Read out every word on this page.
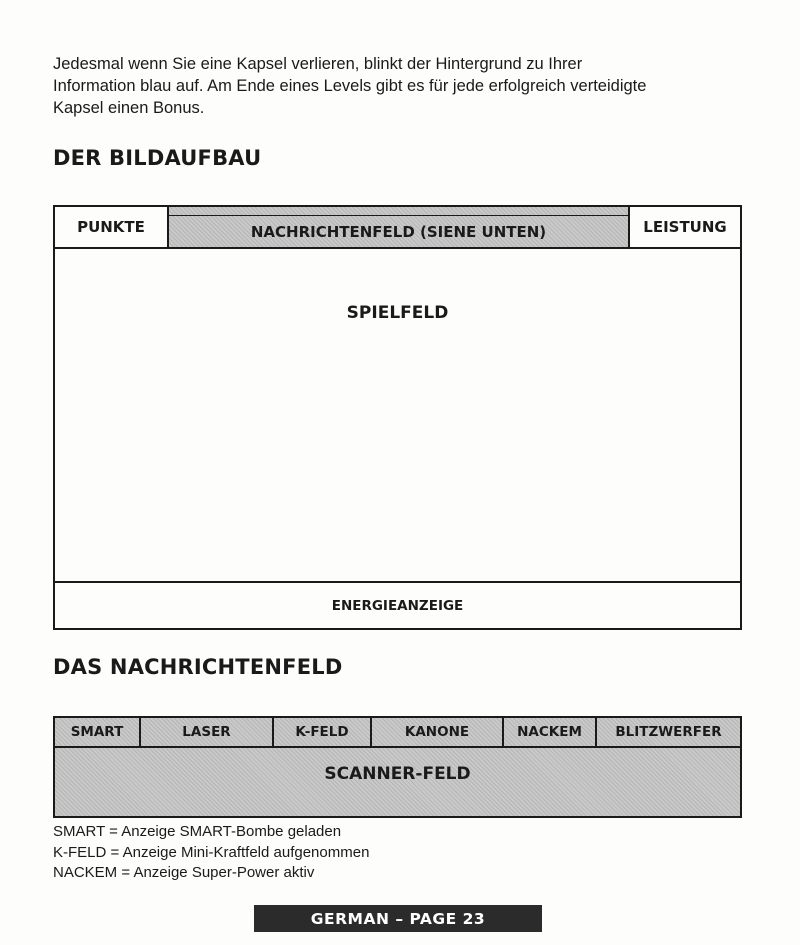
Jedesmal wenn Sie eine Kapsel verlieren, blinkt der Hintergrund zu Ihrer
Information blau auf. Am Ende eines Levels gibt es für jede erfolgreich verteidigte
Kapsel einen Bonus.
DER BILDAUFBAU
PUNKTE	NACHRICHTENFELD (SIENE UNTEN)	LEISTUNG
SPIELFELD
ENERGIEANZEIGE
DAS NACHRICHTENFELD
SMART	LASER	K-FELD	KANONE	NACKEM	BLITZWERFER
SCANNER-FELD
SMART = Anzeige SMART-Bombe geladen
K-FELD = Anzeige Mini-Kraftfeld aufgenommen
NACKEM = Anzeige Super-Power aktiv
GERMAN – PAGE 23
